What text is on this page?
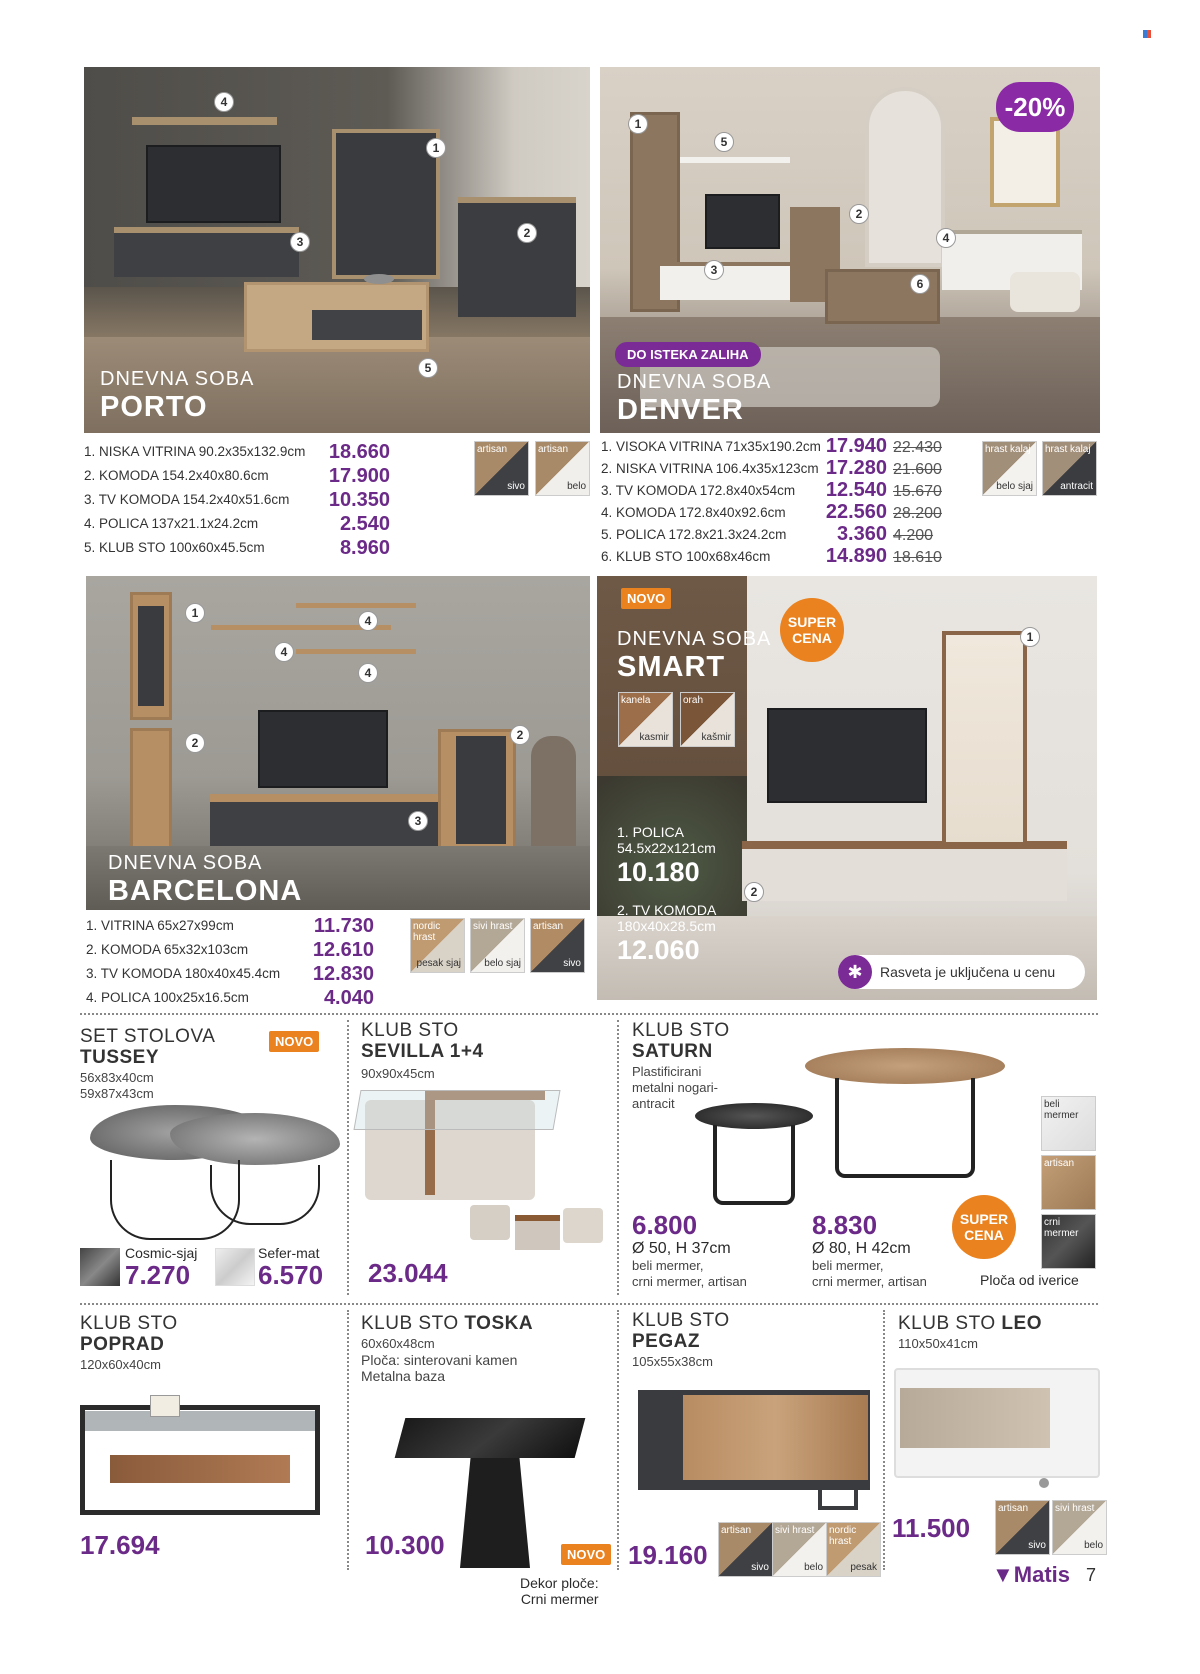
4
1
2
3
5
DNEVNA SOBA
PORTO
1. NISKA VITRINA 90.2x35x132.9cm 18.660
2. KOMODA 154.2x40x80.6cm	17.900
3. TV KOMODA 154.2x40x51.6cm 10.350
4. POLICA 137x21.1x24.2cm	2.540
5. KLUB STO 100x60x45.5cm	8.960
artisan
sivo
artisan
belo
1
5
2
3
4
6
-20%
DO ISTEKA ZALIHA
DNEVNA SOBA
DENVER
1. VISOKA VITRINA 71x35x190.2cm 17.940 22.430
2. NISKA VITRINA 106.4x35x123cm 17.280 21.600
3. TV KOMODA 172.8x40x54cm 12.540 15.670
4. KOMODA 172.8x40x92.6cm 22.560 28.200
5. POLICA 172.8x21.3x24.2cm	3.360 4.200
6. KLUB STO 100x68x46cm	14.890 18.610
hrast kalaj
belo sjaj
hrast kalaj
antracit
1
4
4
4
2
2
3
DNEVNA SOBA
BARCELONA
1. VITRINA 65x27x99cm	11.730
2. KOMODA 65x32x103cm	12.610
3. TV KOMODA 180x40x45.4cm 12.830
4. POLICA 100x25x16.5cm	4.040
nordic hrast
pesak sjaj
sivi hrast
belo sjaj
artisan
sivo
NOVO
SUPER CENA
DNEVNA SOBA
SMART
kanela
kasmir
orah
kašmir
1
2
1. POLICA
54.5x22x121cm
10.180
2. TV KOMODA
180x40x28.5cm
12.060
✱	Rasveta je uključena u cenu
SET STOLOVA
TUSSEY
NOVO
56x83x40cm
59x87x43cm
Cosmic-sjaj
7.270
Sefer-mat
6.570
KLUB STO
SEVILLA 1+4
90x90x45cm
23.044
KLUB STO
SATURN
Plastificirani
metalni nogari-
antracit	beli mermer
artisan
crni mermer
SUPER CENA
6.800
Ø 50, H 37cm
beli mermer,
crni mermer, artisan
8.830
Ø 80, H 42cm
beli mermer,
crni mermer, artisan	Ploča od iverice
KLUB STO
POPRAD
120x60x40cm
17.694
KLUB STO TOSKA
60x60x48cm
Ploča: sinterovani kamen
Metalna baza
NOVO
Dekor ploče:
Crni mermer
10.300
KLUB STO
PEGAZ
105x55x38cm
artisan
sivo
sivi hrast
belo
nordic hrast
pesak
19.160
KLUB STO LEO
110x50x41cm
11.500
artisan
sivo
sivi hrast
belo
▼Matis 7
